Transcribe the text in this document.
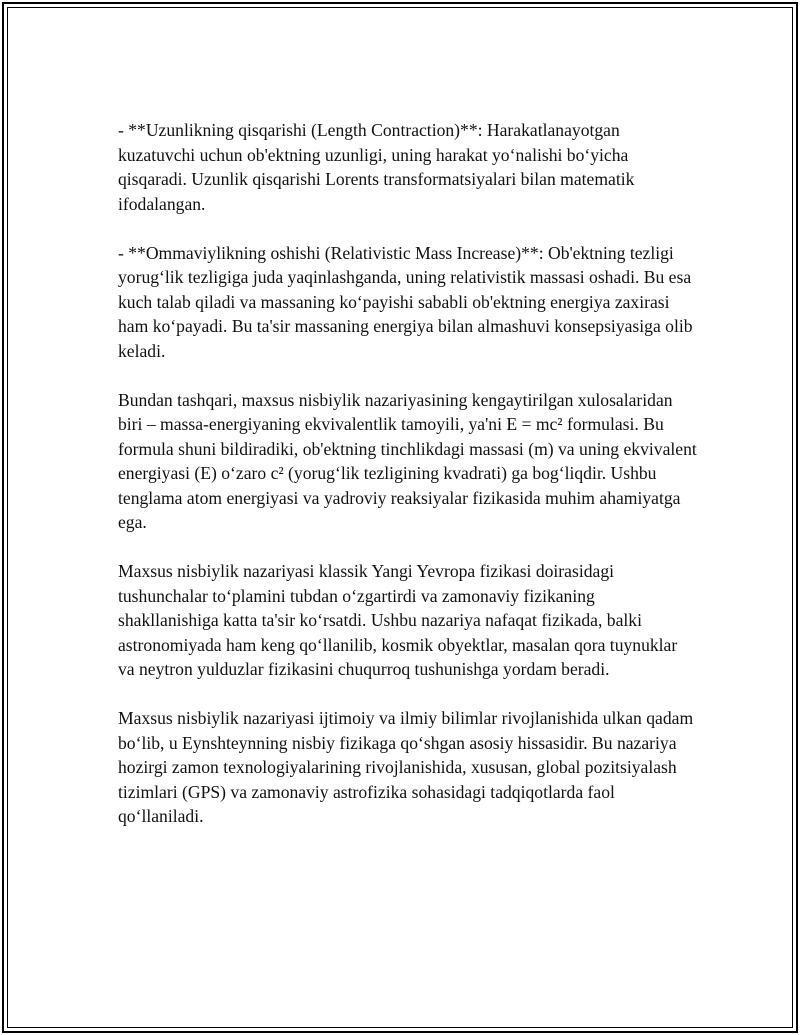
- **Uzunlikning qisqarishi (Length Contraction)**: Harakatlanayotgan kuzatuvchi uchun ob'ektning uzunligi, uning harakat yo‘nalishi bo‘yicha qisqaradi. Uzunlik qisqarishi Lorents transformatsiyalari bilan matematik ifodalangan.

- **Ommaviylikning oshishi (Relativistic Mass Increase)**: Ob'ektning tezligi yorug‘lik tezligiga juda yaqinlashganda, uning relativistik massasi oshadi. Bu esa kuch talab qiladi va massaning ko‘payishi sababli ob'ektning energiya zaxirasi ham ko‘payadi. Bu ta'sir massaning energiya bilan almashuvi konsepsiyasiga olib keladi.

Bundan tashqari, maxsus nisbiylik nazariyasining kengaytirilgan xulosalaridan biri – massa-energiyaning ekvivalentlik tamoyili, ya'ni E = mc² formulasi. Bu formula shuni bildiradiki, ob'ektning tinchlikdagi massasi (m) va uning ekvivalent energiyasi (E) o‘zaro c² (yorug‘lik tezligining kvadrati) ga bog‘liqdir. Ushbu tenglama atom energiyasi va yadroviy reaksiyalar fizikasida muhim ahamiyatga ega.

Maxsus nisbiylik nazariyasi klassik Yangi Yevropa fizikasi doirasidagi tushunchalar to‘plamini tubdan o‘zgartirdi va zamonaviy fizikaning shakllanishiga katta ta'sir ko‘rsatdi. Ushbu nazariya nafaqat fizikada, balki astronomiyada ham keng qo‘llanilib, kosmik obyektlar, masalan qora tuynuklar va neytron yulduzlar fizikasini chuqurroq tushunishga yordam beradi.

Maxsus nisbiylik nazariyasi ijtimoiy va ilmiy bilimlar rivojlanishida ulkan qadam bo‘lib, u Eynshteynning nisbiy fizikaga qo‘shgan asosiy hissasidir. Bu nazariya hozirgi zamon texnologiyalarining rivojlanishida, xususan, global pozitsiyalash tizimlari (GPS) va zamonaviy astrofizika sohasidagi tadqiqotlarda faol qo‘llaniladi.
